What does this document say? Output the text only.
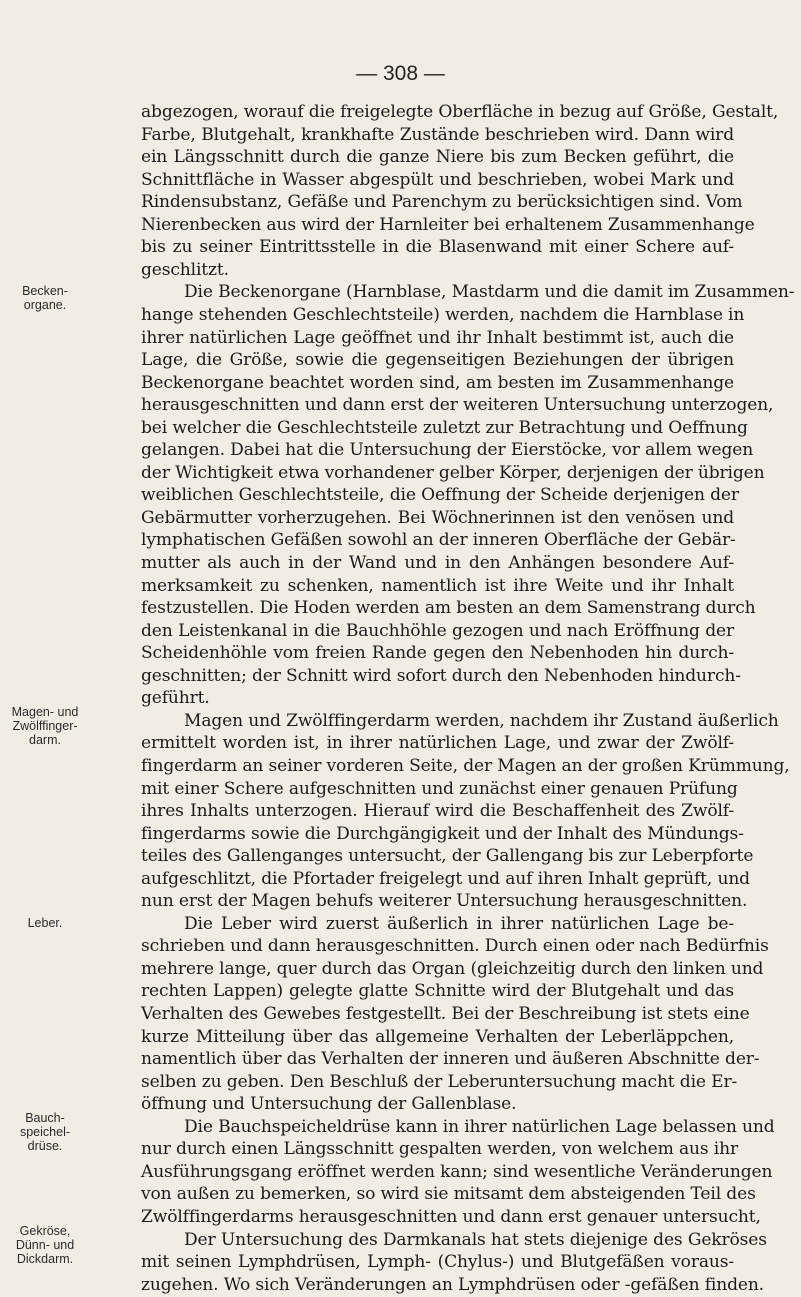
— 308 —
Becken-
organe.
Magen- und
Zwölffinger-
darm.
Leber.
Bauch-
speichel-
drüse.
Gekröse,
Dünn- und
Dickdarm.
abgezogen, worauf die freigelegte Oberfläche in bezug auf Größe, Gestalt,
Farbe, Blutgehalt, krankhafte Zustände beschrieben wird. Dann wird
ein Längsschnitt durch die ganze Niere bis zum Becken geführt, die
Schnittfläche in Wasser abgespült und beschrieben, wobei Mark und
Rindensubstanz, Gefäße und Parenchym zu berücksichtigen sind. Vom
Nierenbecken aus wird der Harnleiter bei erhaltenem Zusammenhange
bis zu seiner Eintrittsstelle in die Blasenwand mit einer Schere auf-
geschlitzt.
Die Beckenorgane (Harnblase, Mastdarm und die damit im Zusammen-
hange stehenden Geschlechtsteile) werden, nachdem die Harnblase in
ihrer natürlichen Lage geöffnet und ihr Inhalt bestimmt ist, auch die
Lage, die Größe, sowie die gegenseitigen Beziehungen der übrigen
Beckenorgane beachtet worden sind, am besten im Zusammenhange
herausgeschnitten und dann erst der weiteren Untersuchung unterzogen,
bei welcher die Geschlechtsteile zuletzt zur Betrachtung und Oeffnung
gelangen. Dabei hat die Untersuchung der Eierstöcke, vor allem wegen
der Wichtigkeit etwa vorhandener gelber Körper, derjenigen der übrigen
weiblichen Geschlechtsteile, die Oeffnung der Scheide derjenigen der
Gebärmutter vorherzugehen. Bei Wöchnerinnen ist den venösen und
lymphatischen Gefäßen sowohl an der inneren Oberfläche der Gebär-
mutter als auch in der Wand und in den Anhängen besondere Auf-
merksamkeit zu schenken, namentlich ist ihre Weite und ihr Inhalt
festzustellen. Die Hoden werden am besten an dem Samenstrang durch
den Leistenkanal in die Bauchhöhle gezogen und nach Eröffnung der
Scheidenhöhle vom freien Rande gegen den Nebenhoden hin durch-
geschnitten; der Schnitt wird sofort durch den Nebenhoden hindurch-
geführt.
Magen und Zwölffingerdarm werden, nachdem ihr Zustand äußerlich
ermittelt worden ist, in ihrer natürlichen Lage, und zwar der Zwölf-
fingerdarm an seiner vorderen Seite, der Magen an der großen Krümmung,
mit einer Schere aufgeschnitten und zunächst einer genauen Prüfung
ihres Inhalts unterzogen. Hierauf wird die Beschaffenheit des Zwölf-
fingerdarms sowie die Durchgängigkeit und der Inhalt des Mündungs-
teiles des Gallenganges untersucht, der Gallengang bis zur Leberpforte
aufgeschlitzt, die Pfortader freigelegt und auf ihren Inhalt geprüft, und
nun erst der Magen behufs weiterer Untersuchung herausgeschnitten.
Die Leber wird zuerst äußerlich in ihrer natürlichen Lage be-
schrieben und dann herausgeschnitten. Durch einen oder nach Bedürfnis
mehrere lange, quer durch das Organ (gleichzeitig durch den linken und
rechten Lappen) gelegte glatte Schnitte wird der Blutgehalt und das
Verhalten des Gewebes festgestellt. Bei der Beschreibung ist stets eine
kurze Mitteilung über das allgemeine Verhalten der Leberläppchen,
namentlich über das Verhalten der inneren und äußeren Abschnitte der-
selben zu geben. Den Beschluß der Leberuntersuchung macht die Er-
öffnung und Untersuchung der Gallenblase.
Die Bauchspeicheldrüse kann in ihrer natürlichen Lage belassen und
nur durch einen Längsschnitt gespalten werden, von welchem aus ihr
Ausführungsgang eröffnet werden kann; sind wesentliche Veränderungen
von außen zu bemerken, so wird sie mitsamt dem absteigenden Teil des
Zwölffingerdarms herausgeschnitten und dann erst genauer untersucht,
Der Untersuchung des Darmkanals hat stets diejenige des Gekröses
mit seinen Lymphdrüsen, Lymph- (Chylus-) und Blutgefäßen voraus-
zugehen. Wo sich Veränderungen an Lymphdrüsen oder -gefäßen finden.
